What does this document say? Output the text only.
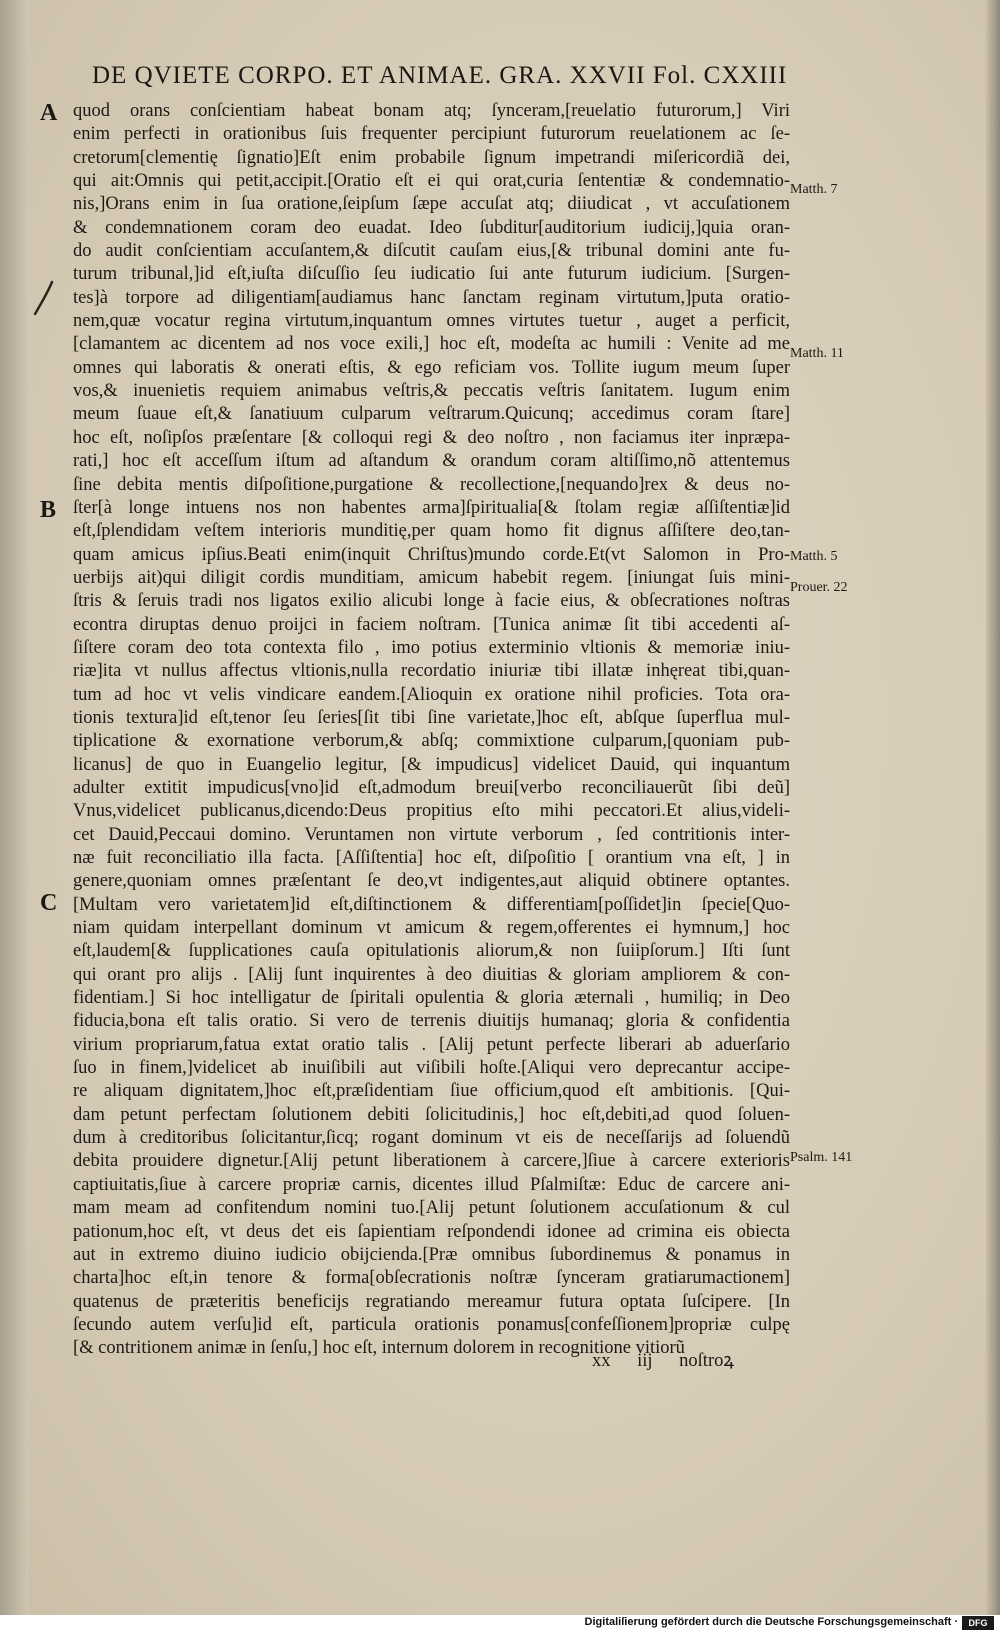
DE QVIETE CORPO. ET ANIMAE. GRA. XXVII Fol. CXXIII
A
B
C
Matth. 7
Matth. 11
Matth. 5
Prouer. 22
Psalm. 141
quod orans conſcientiam habeat bonam atq; ſynceram,[reuelatio futurorum,] Viri
enim perfecti in orationibus ſuis frequenter percipiunt futurorum reuelationem ac ſe-
cretorum[clementię ſignatio]Eſt enim probabile ſignum impetrandi miſericordiã dei,
qui ait:Omnis qui petit,accipit.[Oratio eſt ei qui orat,curia ſententiæ & condemnatio-
nis,]Orans enim in ſua oratione,ſeipſum ſæpe accuſat atq; diiudicat , vt accuſationem
& condemnationem coram deo euadat. Ideo ſubditur[auditorium iudicij,]quia oran-
do audit conſcientiam accuſantem,& diſcutit cauſam eius,[& tribunal domini ante fu-
turum tribunal,]id eſt,iuſta diſcuſſio ſeu iudicatio ſui ante futurum iudicium. [Surgen-
tes]à torpore ad diligentiam[audiamus hanc ſanctam reginam virtutum,]puta oratio-
nem,quæ vocatur regina virtutum,inquantum omnes virtutes tuetur , auget a perficit,
[clamantem ac dicentem ad nos voce exili,] hoc eſt, modeſta ac humili : Venite ad me
omnes qui laboratis & onerati eſtis, & ego reficiam vos. Tollite iugum meum ſuper
vos,& inuenietis requiem animabus veſtris,& peccatis veſtris ſanitatem. Iugum enim
meum ſuaue eſt,& ſanatiuum culparum veſtrarum.Quicunq; accedimus coram ſtare]
hoc eſt, noſipſos præſentare [& colloqui regi & deo noſtro , non faciamus iter inpræpa-
rati,] hoc eſt acceſſum iſtum ad aſtandum & orandum coram altiſſimo,nõ attentemus
ſine debita mentis diſpoſitione,purgatione & recollectione,[nequando]rex & deus no-
ſter[à longe intuens nos non habentes arma]ſpiritualia[& ſtolam regiæ aſſiſtentiæ]id
eſt,ſplendidam veſtem interioris munditię,per quam homo fit dignus aſſiſtere deo,tan-
quam amicus ipſius.Beati enim(inquit Chriſtus)mundo corde.Et(vt Salomon in Pro-
uerbijs ait)qui diligit cordis munditiam, amicum habebit regem. [iniungat ſuis mini-
ſtris & ſeruis tradi nos ligatos exilio alicubi longe à facie eius, & obſecrationes noſtras
econtra diruptas denuo proijci in faciem noſtram. [Tunica animæ ſit tibi accedenti aſ-
ſiſtere coram deo tota contexta filo , imo potius exterminio vltionis & memoriæ iniu-
riæ]ita vt nullus affectus vltionis,nulla recordatio iniuriæ tibi illatæ inhęreat tibi,quan-
tum ad hoc vt velis vindicare eandem.[Alioquin ex oratione nihil proficies. Tota ora-
tionis textura]id eſt,tenor ſeu ſeries[ſit tibi ſine varietate,]hoc eſt, abſque ſuperflua mul-
tiplicatione & exornatione verborum,& abſq; commixtione culparum,[quoniam pub-
licanus] de quo in Euangelio legitur, [& impudicus] videlicet Dauid, qui inquantum
adulter extitit impudicus[vno]id eſt,admodum breui[verbo reconciliauerũt ſibi deũ]
Vnus,videlicet publicanus,dicendo:Deus propitius eſto mihi peccatori.Et alius,videli-
cet Dauid,Peccaui domino. Veruntamen non virtute verborum , ſed contritionis inter-
næ fuit reconciliatio illa facta. [Aſſiſtentia] hoc eſt, diſpoſitio [ orantium vna eſt, ] in
genere,quoniam omnes præſentant ſe deo,vt indigentes,aut aliquid obtinere optantes.
[Multam vero varietatem]id eſt,diſtinctionem & differentiam[poſſidet]in ſpecie[Quo-
niam quidam interpellant dominum vt amicum & regem,offerentes ei hymnum,] hoc
eſt,laudem[& ſupplicationes cauſa opitulationis aliorum,& non ſuiipſorum.] Iſti ſunt
qui orant pro alijs . [Alij ſunt inquirentes à deo diuitias & gloriam ampliorem & con-
fidentiam.] Si hoc intelligatur de ſpiritali opulentia & gloria æternali , humiliq; in Deo
fiducia,bona eſt talis oratio. Si vero de terrenis diuitijs humanaq; gloria & confidentia
virium propriarum,fatua extat oratio talis . [Alij petunt perfecte liberari ab aduerſario
ſuo in finem,]videlicet ab inuiſibili aut viſibili hoſte.[Aliqui vero deprecantur accipe-
re aliquam dignitatem,]hoc eſt,præſidentiam ſiue officium,quod eſt ambitionis. [Qui-
dam petunt perfectam ſolutionem debiti ſolicitudinis,] hoc eſt,debiti,ad quod ſoluen-
dum à creditoribus ſolicitantur,ſicq; rogant dominum vt eis de neceſſarijs ad ſoluendũ
debita prouidere dignetur.[Alij petunt liberationem à carcere,]ſiue à carcere exterioris
captiuitatis,ſiue à carcere propriæ carnis, dicentes illud Pſalmiſtæ: Educ de carcere ani-
mam meam ad confitendum nomini tuo.[Alij petunt ſolutionem accuſationum & cul
pationum,hoc eſt, vt deus det eis ſapientiam reſpondendi idonee ad crimina eis obiecta
aut in extremo diuino iudicio obijcienda.[Præ omnibus ſubordinemus & ponamus in
charta]hoc eſt,in tenore & forma[obſecrationis noſtræ ſynceram gratiarumactionem]
quatenus de præteritis beneficijs regratiando mereamur futura optata ſuſcipere. [In
ſecundo autem verſu]id eſt, particula orationis ponamus[confeſſionem]propriæ culpę
[& contritionem animæ in ſenſu,] hoc eſt, internum dolorem in recognitione vitiorũ
xx iij noſtroꝝ
Digitaliſierung gefördert durch die Deutsche Forschungsgemeinschaft ·	DFG
